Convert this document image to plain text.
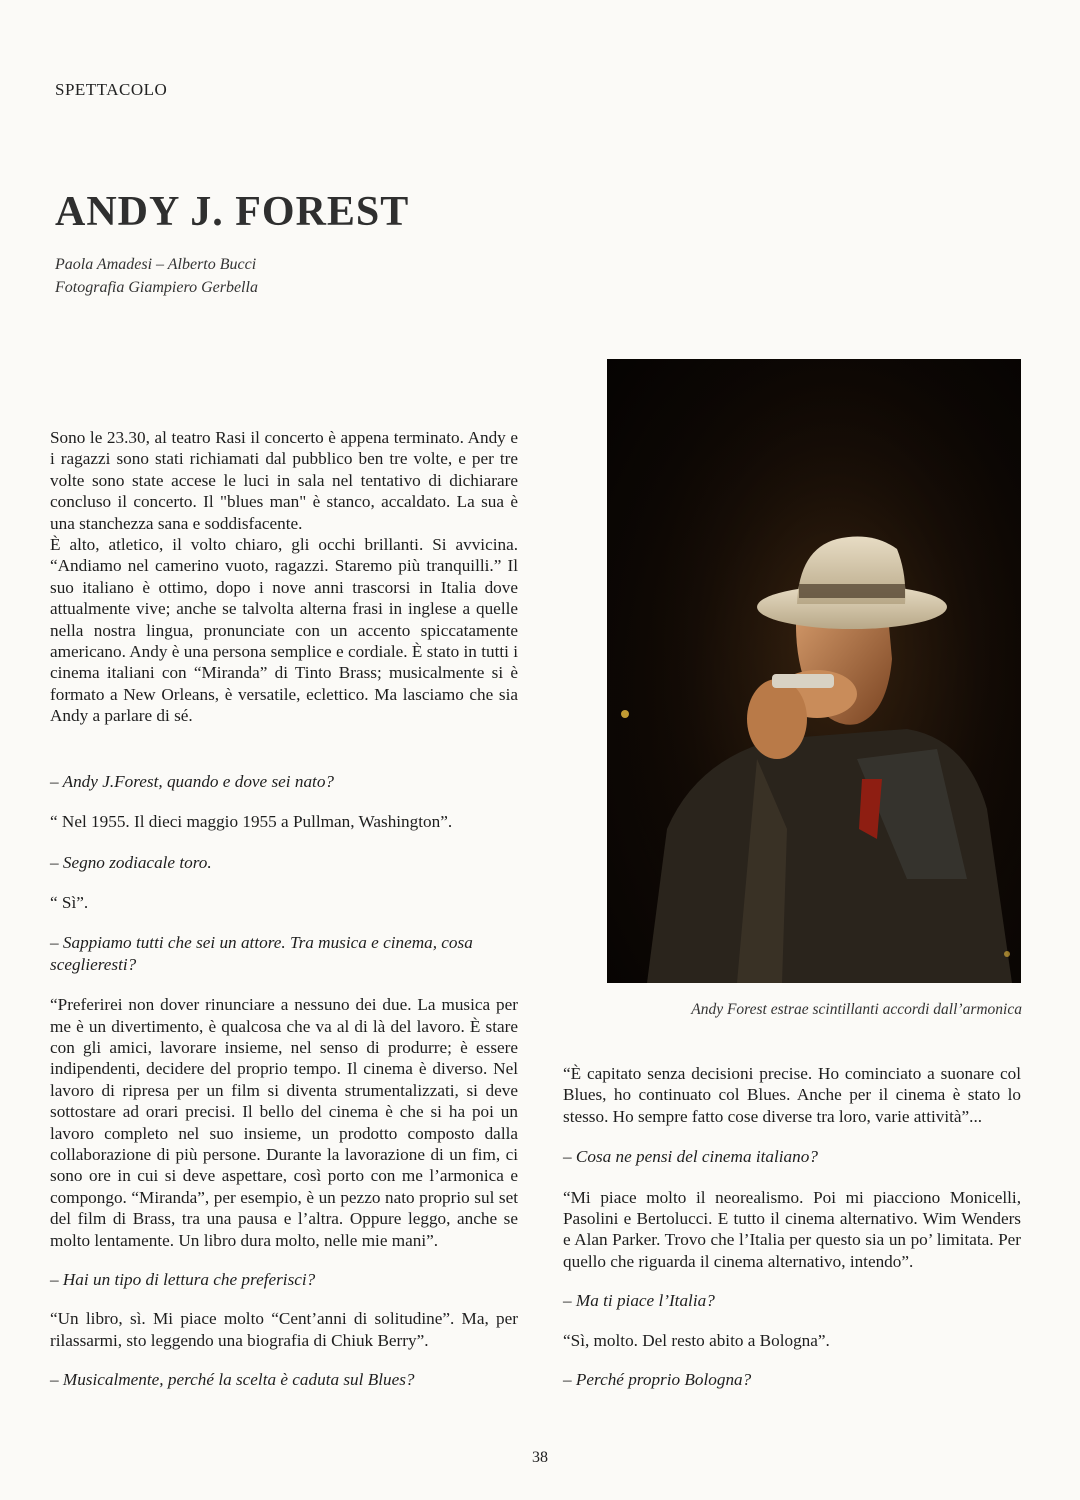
SPETTACOLO
ANDY J. FOREST
Paola Amadesi – Alberto Bucci
Fotografia Giampiero Gerbella

Sono le 23.30, al teatro Rasi il concerto è appena terminato. Andy e i ragazzi sono stati richiamati dal pubblico ben tre volte, e per tre volte sono state accese le luci in sala nel tentativo di dichiarare concluso il concerto. Il "blues man" è stanco, accaldato. La sua è una stanchezza sana e soddisfacente.

È alto, atletico, il volto chiaro, gli occhi brillanti. Si avvicina. “Andiamo nel camerino vuoto, ragazzi. Staremo più tranquilli.” Il suo italiano è ottimo, dopo i nove anni trascorsi in Italia dove attualmente vive; anche se talvolta alterna frasi in inglese a quelle nella nostra lingua, pronunciate con un accento spiccatamente americano. Andy è una persona semplice e cordiale. È stato in tutti i cinema italiani con “Miranda” di Tinto Brass; musicalmente si è formato a New Orleans, è versatile, eclettico. Ma lasciamo che sia Andy a parlare di sé.

– Andy J.Forest, quando e dove sei nato?

“ Nel 1955. Il dieci maggio 1955 a Pullman, Washington”.

– Segno zodiacale toro.

“ Sì”.

– Sappiamo tutti che sei un attore. Tra musica e cinema, cosa sceglieresti?

“Preferirei non dover rinunciare a nessuno dei due. La musica per me è un divertimento, è qualcosa che va al di là del lavoro. È stare con gli amici, lavorare insieme, nel senso di produrre; è essere indipendenti, decidere del proprio tempo. Il cinema è diverso. Nel lavoro di ripresa per un film si diventa strumentalizzati, si deve sottostare ad orari precisi. Il bello del cinema è che si ha poi un lavoro completo nel suo insieme, un prodotto composto dalla collaborazione di più persone. Durante la lavorazione di un fim, ci sono ore in cui si deve aspettare, così porto con me l’armonica e compongo. “Miranda”, per esempio, è un pezzo nato proprio sul set del film di Brass, tra una pausa e l’altra. Oppure leggo, anche se molto lentamente. Un libro dura molto, nelle mie mani”.

– Hai un tipo di lettura che preferisci?

“Un libro, sì. Mi piace molto “Cent’anni di solitudine”. Ma, per rilassarmi, sto leggendo una biografia di Chiuk Berry”.

– Musicalmente, perché la scelta è caduta sul Blues?

Andy Forest estrae scintillanti accordi dall’armonica

“È capitato senza decisioni precise. Ho cominciato a suonare col Blues, ho continuato col Blues. Anche per il cinema è stato lo stesso. Ho sempre fatto cose diverse tra loro, varie attività”...

– Cosa ne pensi del cinema italiano?

“Mi piace molto il neorealismo. Poi mi piacciono Monicelli, Pasolini e Bertolucci. E tutto il cinema alternativo. Wim Wenders e Alan Parker. Trovo che l’Italia per questo sia un po’ limitata. Per quello che riguarda il cinema alternativo, intendo”.

– Ma ti piace l’Italia?

“Sì, molto. Del resto abito a Bologna”.

– Perché proprio Bologna?

38
